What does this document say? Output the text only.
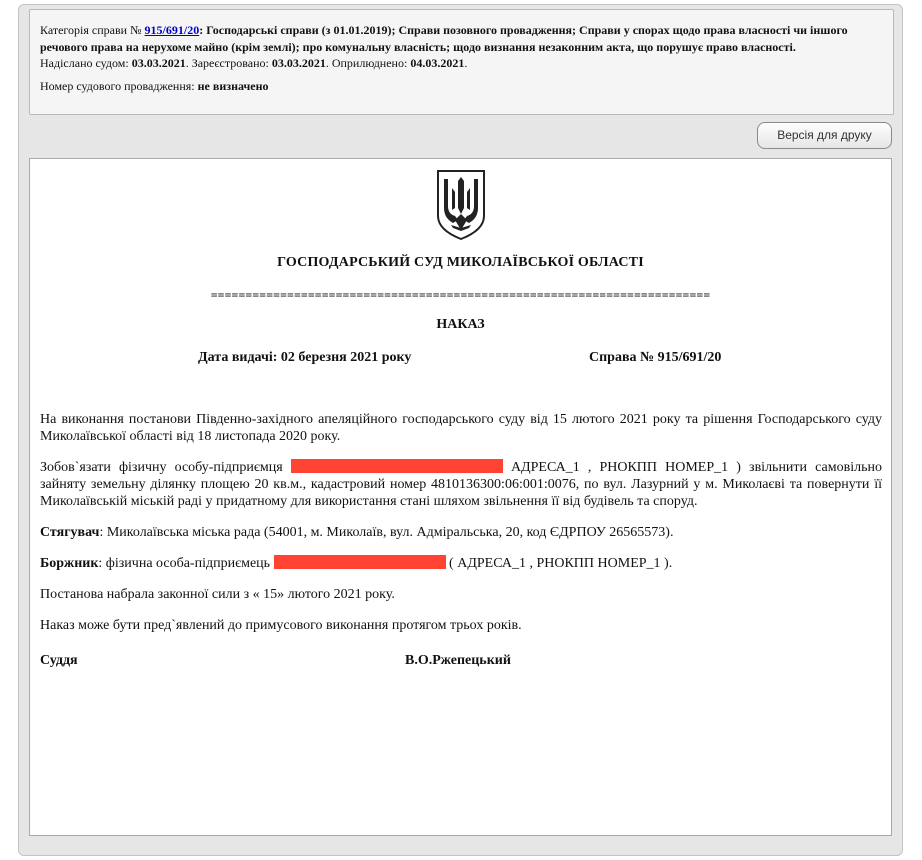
Категорія справи № 915/691/20: Господарські справи (з 01.01.2019); Справи позовного провадження; Справи у спорах щодо права власності чи іншого речового права на нерухоме майно (крім землі); про комунальну власність; щодо визнання незаконним акта, що порушує право власності.

Надіслано судом: 03.03.2021. Зареєстровано: 03.03.2021. Оприлюднено: 04.03.2021.

Номер судового провадження: не визначено

Версія для друку
ГОСПОДАРСЬКИЙ СУД МИКОЛАЇВСЬКОЇ ОБЛАСТІ
========================================================================
НАКАЗ
Дата видачі: 02 березня 2021 року	Справа № 915/691/20

На виконання постанови Південно-західного апеляційного господарського суду від 15 лютого 2021 року та рішення Господарського суду Миколаївської області від 18 листопада 2020 року.

Зобов`язати фізичну особу-підприємця	АДРЕСА_1 , РНОКПП НОМЕР_1 ) звільнити самовільно зайняту земельну ділянку площею 20 кв.м., кадастровий номер 4810136300:06:001:0076, по вул. Лазурний у м. Миколаєві та повернути її Миколаївській міській раді у придатному для використання стані шляхом звільнення її від будівель та споруд.

Стягувач: Миколаївська міська рада (54001, м. Миколаїв, вул. Адміральська, 20, код ЄДРПОУ 26565573).

Боржник: фізична особа-підприємець	( АДРЕСА_1 , РНОКПП НОМЕР_1 ).

Постанова набрала законної сили з « 15» лютого 2021 року.

Наказ може бути пред`явлений до примусового виконання протягом трьох років.

Суддя	В.О.Ржепецький
